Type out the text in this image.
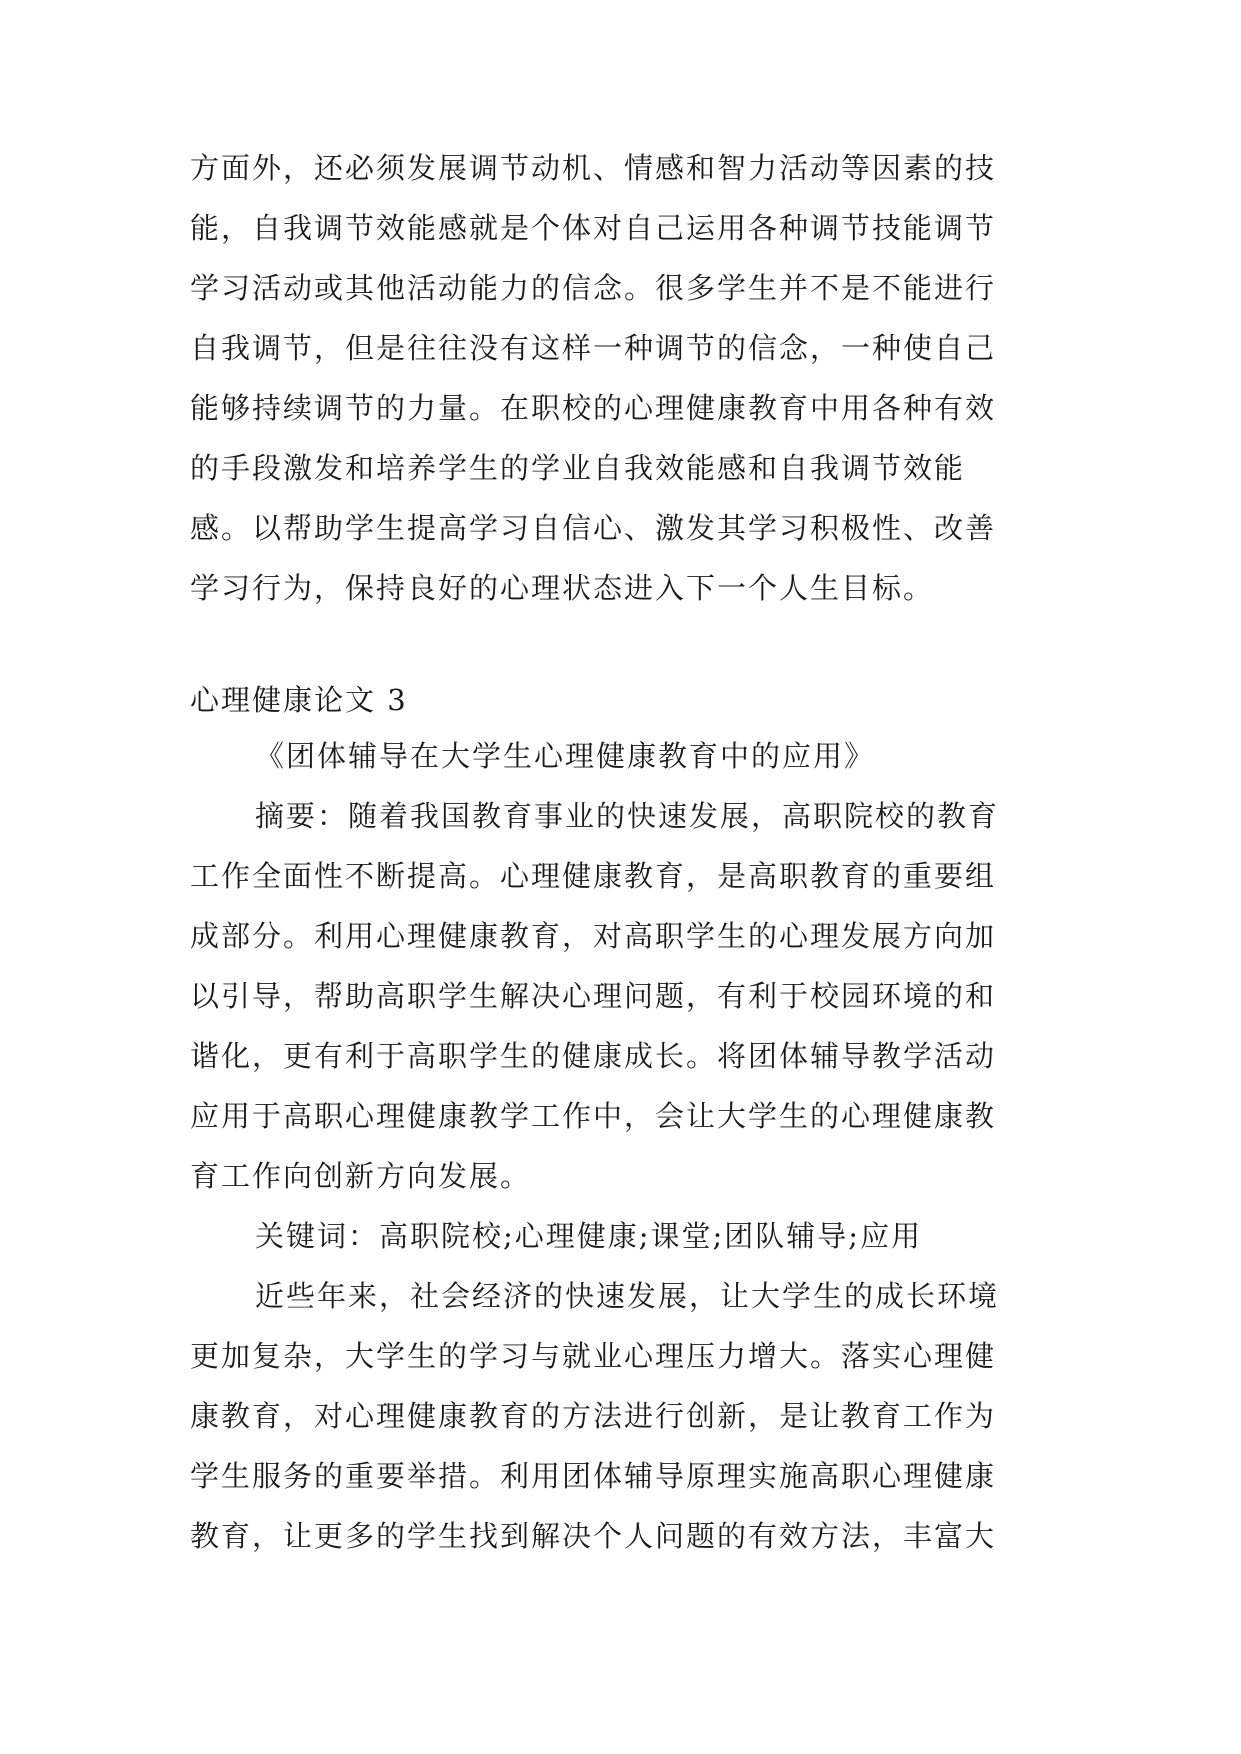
方面外，还必须发展调节动机、情感和智力活动等因素的技
能，自我调节效能感就是个体对自己运用各种调节技能调节
学习活动或其他活动能力的信念。很多学生并不是不能进行
自我调节，但是往往没有这样一种调节的信念，一种使自己
能够持续调节的力量。在职校的心理健康教育中用各种有效
的手段激发和培养学生的学业自我效能感和自我调节效能
感。以帮助学生提高学习自信心、激发其学习积极性、改善
学习行为，保持良好的心理状态进入下一个人生目标。
心理健康论文 3
《团体辅导在大学生心理健康教育中的应用》
摘要：随着我国教育事业的快速发展，高职院校的教育
工作全面性不断提高。心理健康教育，是高职教育的重要组
成部分。利用心理健康教育，对高职学生的心理发展方向加
以引导，帮助高职学生解决心理问题，有利于校园环境的和
谐化，更有利于高职学生的健康成长。将团体辅导教学活动
应用于高职心理健康教学工作中，会让大学生的心理健康教
育工作向创新方向发展。
关键词：高职院校;心理健康;课堂;团队辅导;应用
近些年来，社会经济的快速发展，让大学生的成长环境
更加复杂，大学生的学习与就业心理压力增大。落实心理健
康教育，对心理健康教育的方法进行创新，是让教育工作为
学生服务的重要举措。利用团体辅导原理实施高职心理健康
教育，让更多的学生找到解决个人问题的有效方法，丰富大
